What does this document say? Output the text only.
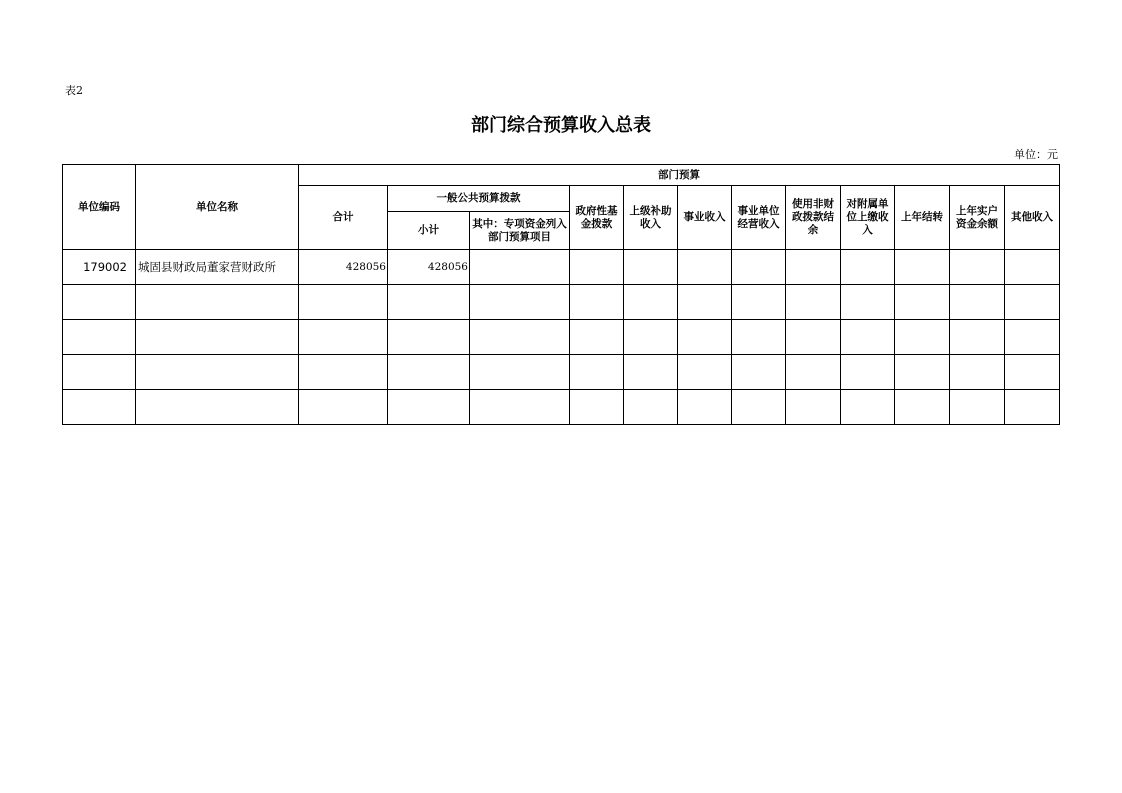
表2
部门综合预算收入总表
单位：元
单位编码	单位名称	部门预算											
		合计	一般公共预算拨款		政府性基金拨款	上级补助收入	事业收入	事业单位经营收入	使用非财政拨款结余	对附属单位上缴收入	上年结转	上年实户资金余额	其他收入
			小计	其中：专项资金列入部门预算项目									
179002	城固县财政局董家营财政所	428056	428056										
